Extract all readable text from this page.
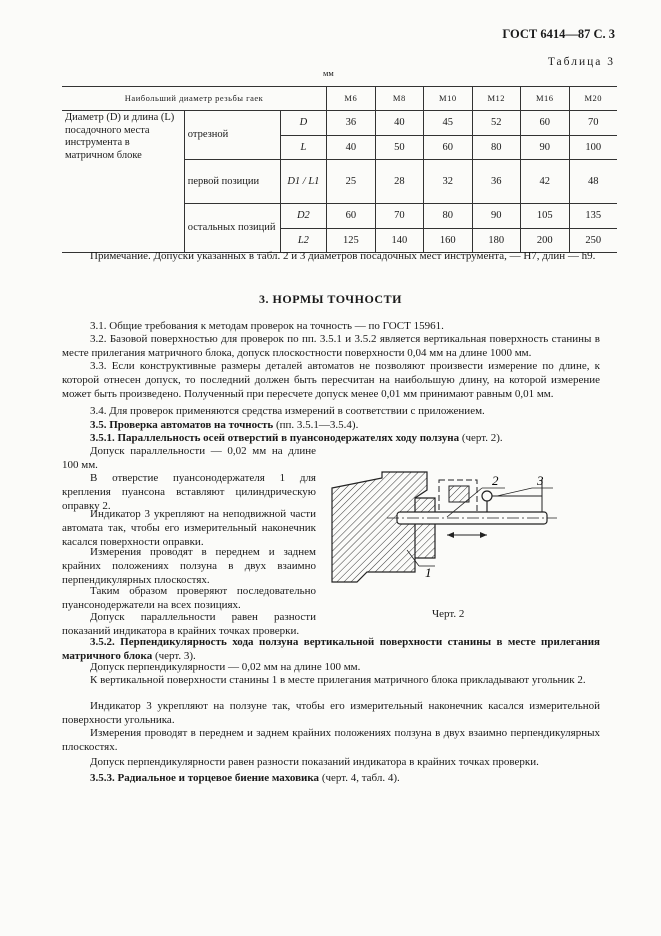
ГОСТ 6414—87 С. 3
Таблица 3
мм
Наибольший диаметр резьбы гаек			М6	М8	М10	М12	М16	М20
Диаметр (D) и длина (L) посадочного места инструмента в матричном блоке	отрезной	D	36	40	45	52	60	70
		L	40	50	60	80	90	100
	первой позиции	D1 / L1	25	28	32	36	42	48
	остальных позиций	D2	60	70	80	90	105	135
		L2	125	140	160	180	200	250
Примечание. Допуски указанных в табл. 2 и 3 диаметров посадочных мест инструмента, — Н7, длин — h9.
3. НОРМЫ ТОЧНОСТИ
3.1. Общие требования к методам проверок на точность — по ГОСТ 15961.
3.2. Базовой поверхностью для проверок по пп. 3.5.1 и 3.5.2 является вертикальная поверхность станины в месте прилегания матричного блока, допуск плоскостности поверхности 0,04 мм на длине 1000 мм.
3.3. Если конструктивные размеры деталей автоматов не позволяют произвести измерение по длине, к которой отнесен допуск, то последний должен быть пересчитан на наибольшую длину, на которой измерение может быть произведено. Полученный при пересчете допуск менее 0,01 мм принимают равным 0,01 мм.
3.4. Для проверок применяются средства измерений в соответствии с приложением.
3.5. Проверка автоматов на точность (пп. 3.5.1—3.5.4).
3.5.1. Параллельность осей отверстий в пуансонодержателях ходу ползуна (черт. 2).
Допуск параллельности — 0,02 мм на длине 100 мм.
В отверстие пуансонодержателя 1 для крепления пуансона вставляют цилиндрическую оправку 2.
Индикатор 3 укрепляют на неподвижной части автомата так, чтобы его измерительный наконечник касался поверхности оправки.
Измерения проводят в переднем и заднем крайних положениях ползуна в двух взаимно перпендикулярных плоскостях.
Таким образом проверяют последовательно пуансонодержатели на всех позициях.
Допуск параллельности равен разности показаний индикатора в крайних точках проверки.
3.5.2. Перпендикулярность хода ползуна вертикальной поверхности станины в месте прилегания матричного блока (черт. 3).
Допуск перпендикулярности — 0,02 мм на длине 100 мм.
К вертикальной поверхности станины 1 в месте прилегания матричного блока прикладывают угольник 2.
Индикатор 3 укрепляют на ползуне так, чтобы его измерительный наконечник касался измерительной поверхности угольника.
Измерения проводят в переднем и заднем крайних положениях ползуна в двух взаимно перпендикулярных плоскостях.
Допуск перпендикулярности равен разности показаний индикатора в крайних точках проверки.
3.5.3. Радиальное и торцевое биение маховика (черт. 4, табл. 4).
2	3
1
Черт. 2
